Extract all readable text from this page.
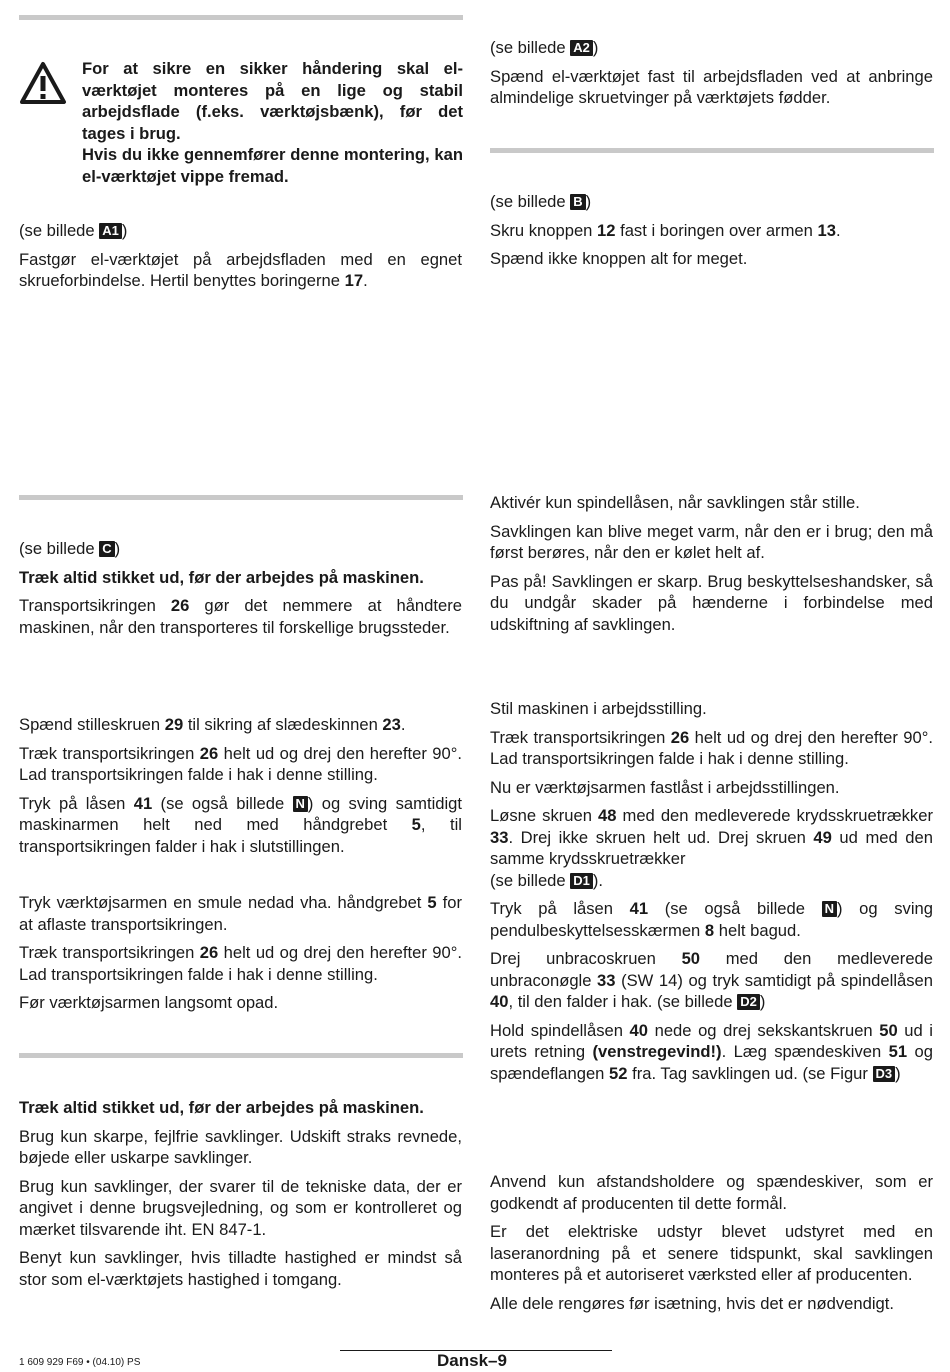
For at sikre en sikker håndering skal el-værktøjet monteres på en lige og stabil arbejdsflade (f.eks. værktøjsbænk), før det tages i brug.

Hvis du ikke gennemfører denne montering, kan el-værktøjet vippe fremad.

(se billede A1 )

Fastgør el-værktøjet på arbejdsfladen med en egnet skrueforbindelse. Hertil benyttes boringerne 17.

(se billede C )

Træk altid stikket ud, før der arbejdes på maskinen.

Transportsikringen 26 gør det nemmere at håndtere maskinen, når den transporteres til forskellige brugssteder.

Spænd stilleskruen 29 til sikring af slædeskinnen 23.

Træk transportsikringen 26 helt ud og drej den herefter 90°. Lad transportsikringen falde i hak i denne stilling.

Tryk på låsen 41 (se også billede N ) og sving samtidigt maskinarmen helt ned med håndgrebet 5, til transportsikringen falder i hak i slutstillingen.

Tryk værktøjsarmen en smule nedad vha. håndgrebet 5 for at aflaste transportsikringen.

Træk transportsikringen 26 helt ud og drej den herefter 90°. Lad transportsikringen falde i hak i denne stilling.

Før værktøjsarmen langsomt opad.

Træk altid stikket ud, før der arbejdes på maskinen.

Brug kun skarpe, fejlfrie savklinger. Udskift straks revnede, bøjede eller uskarpe savklinger.

Brug kun savklinger, der svarer til de tekniske data, der er angivet i denne brugsvejledning, og som er kontrolleret og mærket tilsvarende iht. EN 847-1.

Benyt kun savklinger, hvis tilladte hastighed er mindst så stor som el-værktøjets hastighed i tomgang.

(se billede A2 )

Spænd el-værktøjet fast til arbejdsfladen ved at anbringe almindelige skruetvinger på værktøjets fødder.

(se billede B )

Skru knoppen 12 fast i boringen over armen 13.

Spænd ikke knoppen alt for meget.

Aktivér kun spindellåsen, når savklingen står stille.

Savklingen kan blive meget varm, når den er i brug; den må først berøres, når den er kølet helt af.

Pas på! Savklingen er skarp. Brug beskyttelseshandsker, så du undgår skader på hænderne i forbindelse med udskiftning af savklingen.

Stil maskinen i arbejdsstilling.

Træk transportsikringen 26 helt ud og drej den herefter 90°. Lad transportsikringen falde i hak i denne stilling.

Nu er værktøjsarmen fastlåst i arbejdsstillingen.

Løsne skruen 48 med den medleverede krydsskruetrækker 33. Drej ikke skruen helt ud. Drej skruen 49 ud med den samme krydsskruetrækker
(se billede D1 ).

Tryk på låsen 41 (se også billede N ) og sving pendulbeskyttelsesskærmen 8 helt bagud.

Drej unbracoskruen 50 med den medleverede unbraconøgle 33 (SW 14) og tryk samtidigt på spindellåsen 40, til den falder i hak. (se billede D2 )

Hold spindellåsen 40 nede og drej sekskantskruen 50 ud i urets retning (venstregevind!). Læg spændeskiven 51 og spændeflangen 52 fra. Tag savklingen ud. (se Figur D3 )

Anvend kun afstandsholdere og spændeskiver, som er godkendt af producenten til dette formål.

Er det elektriske udstyr blevet udstyret med en laseranordning på et senere tidspunkt, skal savklingen monteres på et autoriseret værksted eller af producenten.

Alle dele rengøres før isætning, hvis det er nødvendigt.

1 609 929 F69 • (04.10) PS	Dansk–9
